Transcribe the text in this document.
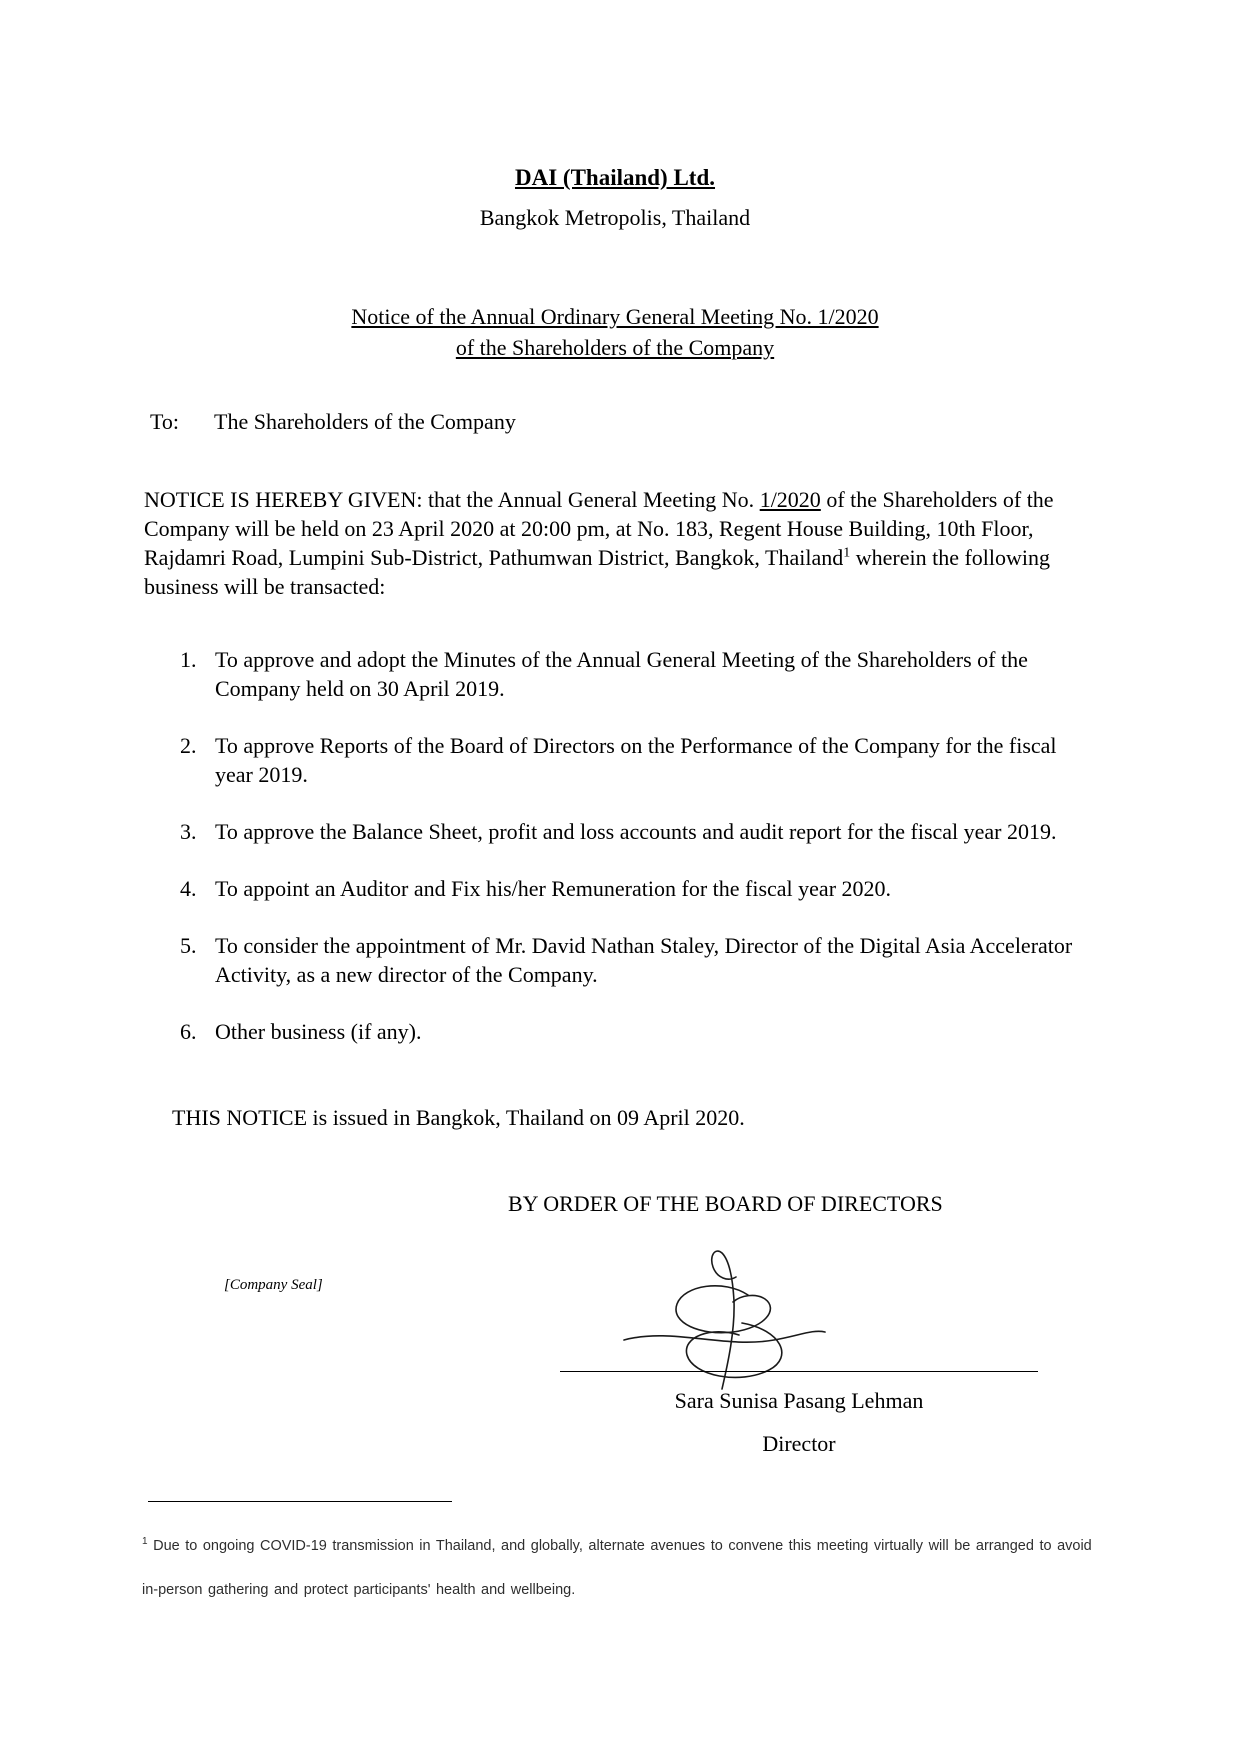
DAI (Thailand) Ltd.
Bangkok Metropolis, Thailand
Notice of the Annual Ordinary General Meeting No. 1/2020
of the Shareholders of the Company
To: The Shareholders of the Company
NOTICE IS HEREBY GIVEN: that the Annual General Meeting No. 1/2020 of the Shareholders of the Company will be held on 23 April 2020 at 20:00 pm, at No. 183, Regent House Building, 10th Floor, Rajdamri Road, Lumpini Sub-District, Pathumwan District, Bangkok, Thailand$^1$ wherein the following business will be transacted:
1. To approve and adopt the Minutes of the Annual General Meeting of the Shareholders of the Company held on 30 April 2019.
2. To approve Reports of the Board of Directors on the Performance of the Company for the fiscal year 2019.
3. To approve the Balance Sheet, profit and loss accounts and audit report for the fiscal year 2019.
4. To appoint an Auditor and Fix his/her Remuneration for the fiscal year 2020.
5. To consider the appointment of Mr. David Nathan Staley, Director of the Digital Asia Accelerator Activity, as a new director of the Company.
6. Other business (if any).
THIS NOTICE is issued in Bangkok, Thailand on 09 April 2020.
BY ORDER OF THE BOARD OF DIRECTORS
[Company Seal]
Sara Sunisa Pasang Lehman
Director
$^1$ Due to ongoing COVID-19 transmission in Thailand, and globally, alternate avenues to convene this meeting virtually will be arranged to avoid in-person gathering and protect participants' health and wellbeing.
